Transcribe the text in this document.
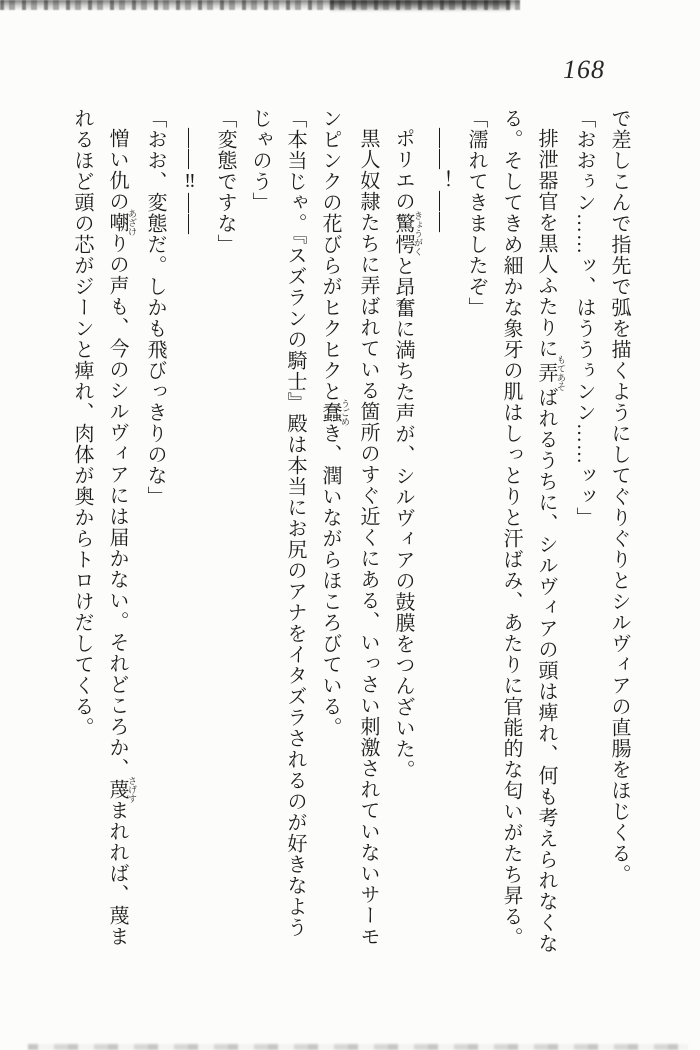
168

で差しこんで指先で弧を描くようにしてぐりぐりとシルヴィアの直腸をほじくる。

「おおぅン……ッ、はううぅンン……ッッ」

排泄器官を黒人ふたりに弄 もてあそばれるうちに、シルヴィアの頭は痺れ、何も考えられなくな

る。そしてきめ細かな象牙の肌はしっとりと汗ばみ、あたりに官能的な匂いがたち昇る。

「濡れてきましたぞ」

――！――

ポリエの驚愕 きょうがくと昂奮に満ちた声が、シルヴィアの鼓膜をつんざいた。

黒人奴隷たちに弄ばれている箇所のすぐ近くにある、いっさい刺激されていないサーモ

ンピンクの花びらがヒクヒクと蠢 うごめき、潤いながらほころびている。

「本当じゃ。『スズランの騎士』殿は本当にお尻のアナをイタズラされるのが好きなよう

じゃのう」

「変態ですな」

――‼――

「おお、変態だ。しかも飛びっきりのな」

憎い仇の嘲 あざけりの声も、今のシルヴィアには届かない。それどころか、蔑 さげすまれれば、蔑ま

れるほど頭の芯がジーンと痺れ、肉体が奥からトロけだしてくる。
